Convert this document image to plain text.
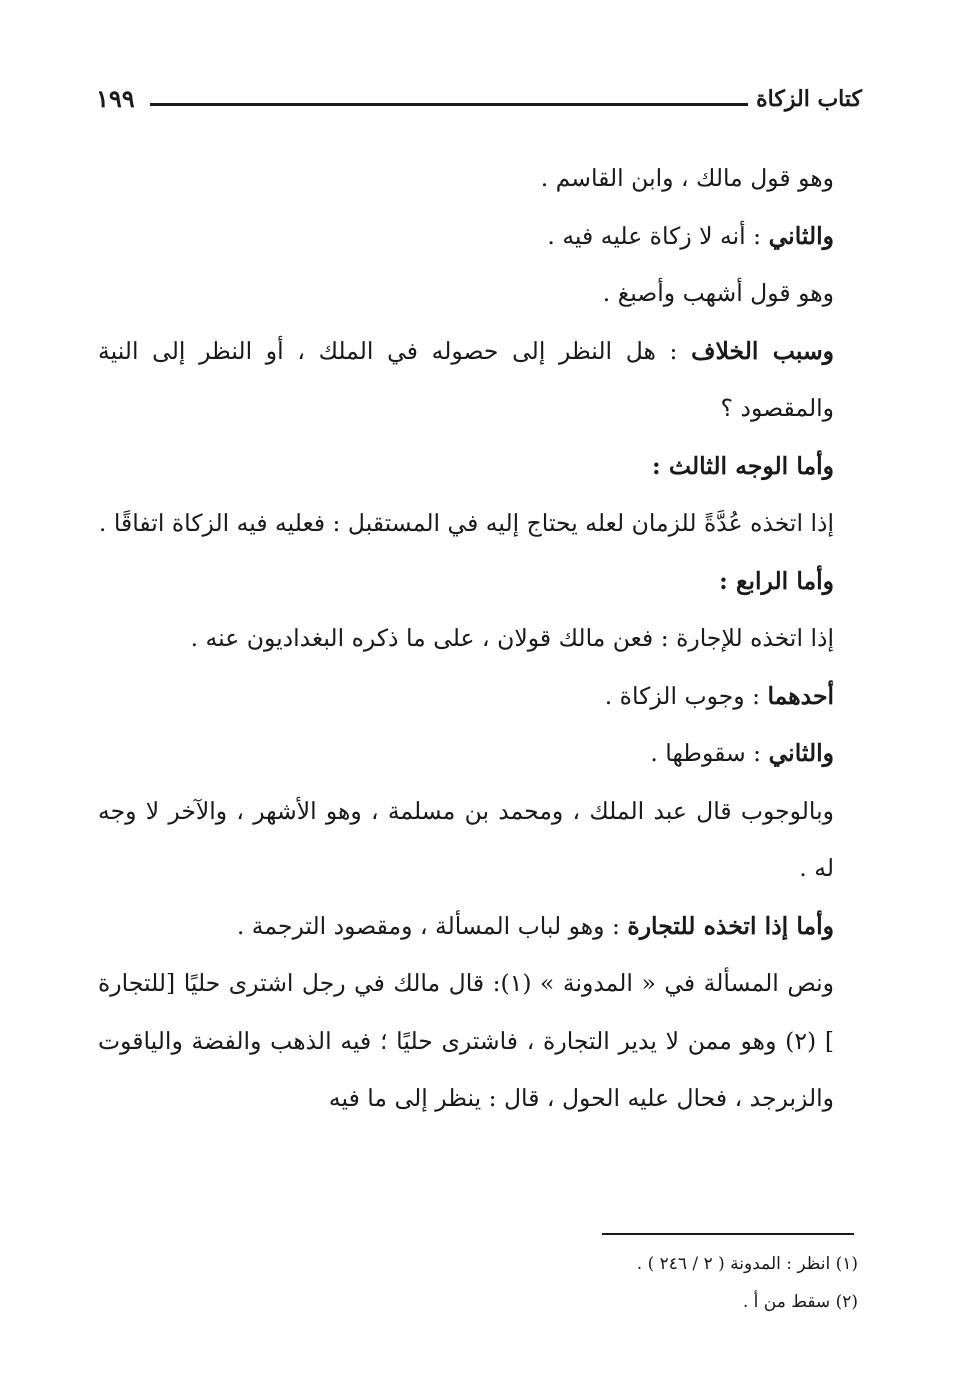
كتاب الزكاة
١٩٩

وهو قول مالك ، وابن القاسم .

والثاني : أنه لا زكاة عليه فيه .

وهو قول أشهب وأصبغ .

وسبب الخلاف : هل النظر إلى حصوله في الملك ، أو النظر إلى النية والمقصود ؟

وأما الوجه الثالث :

إذا اتخذه عُدَّةً للزمان لعله يحتاج إليه في المستقبل : فعليه فيه الزكاة اتفاقًا .

وأما الرابع :

إذا اتخذه للإجارة : فعن مالك قولان ، على ما ذكره البغداديون عنه .

أحدهما : وجوب الزكاة .

والثاني : سقوطها .

وبالوجوب قال عبد الملك ، ومحمد بن مسلمة ، وهو الأشهر ، والآخر لا وجه له .

وأما إذا اتخذه للتجارة : وهو لباب المسألة ، ومقصود الترجمة .

ونص المسألة في « المدونة » (١): قال مالك في رجل اشترى حليًا [للتجارة ] (٢) وهو ممن لا يدير التجارة ، فاشترى حليًا ؛ فيه الذهب والفضة والياقوت والزبرجد ، فحال عليه الحول ، قال : ينظر إلى ما فيه

(١) انظر : المدونة ( ٢ / ٢٤٦ ) .

(٢) سقط من أ .
